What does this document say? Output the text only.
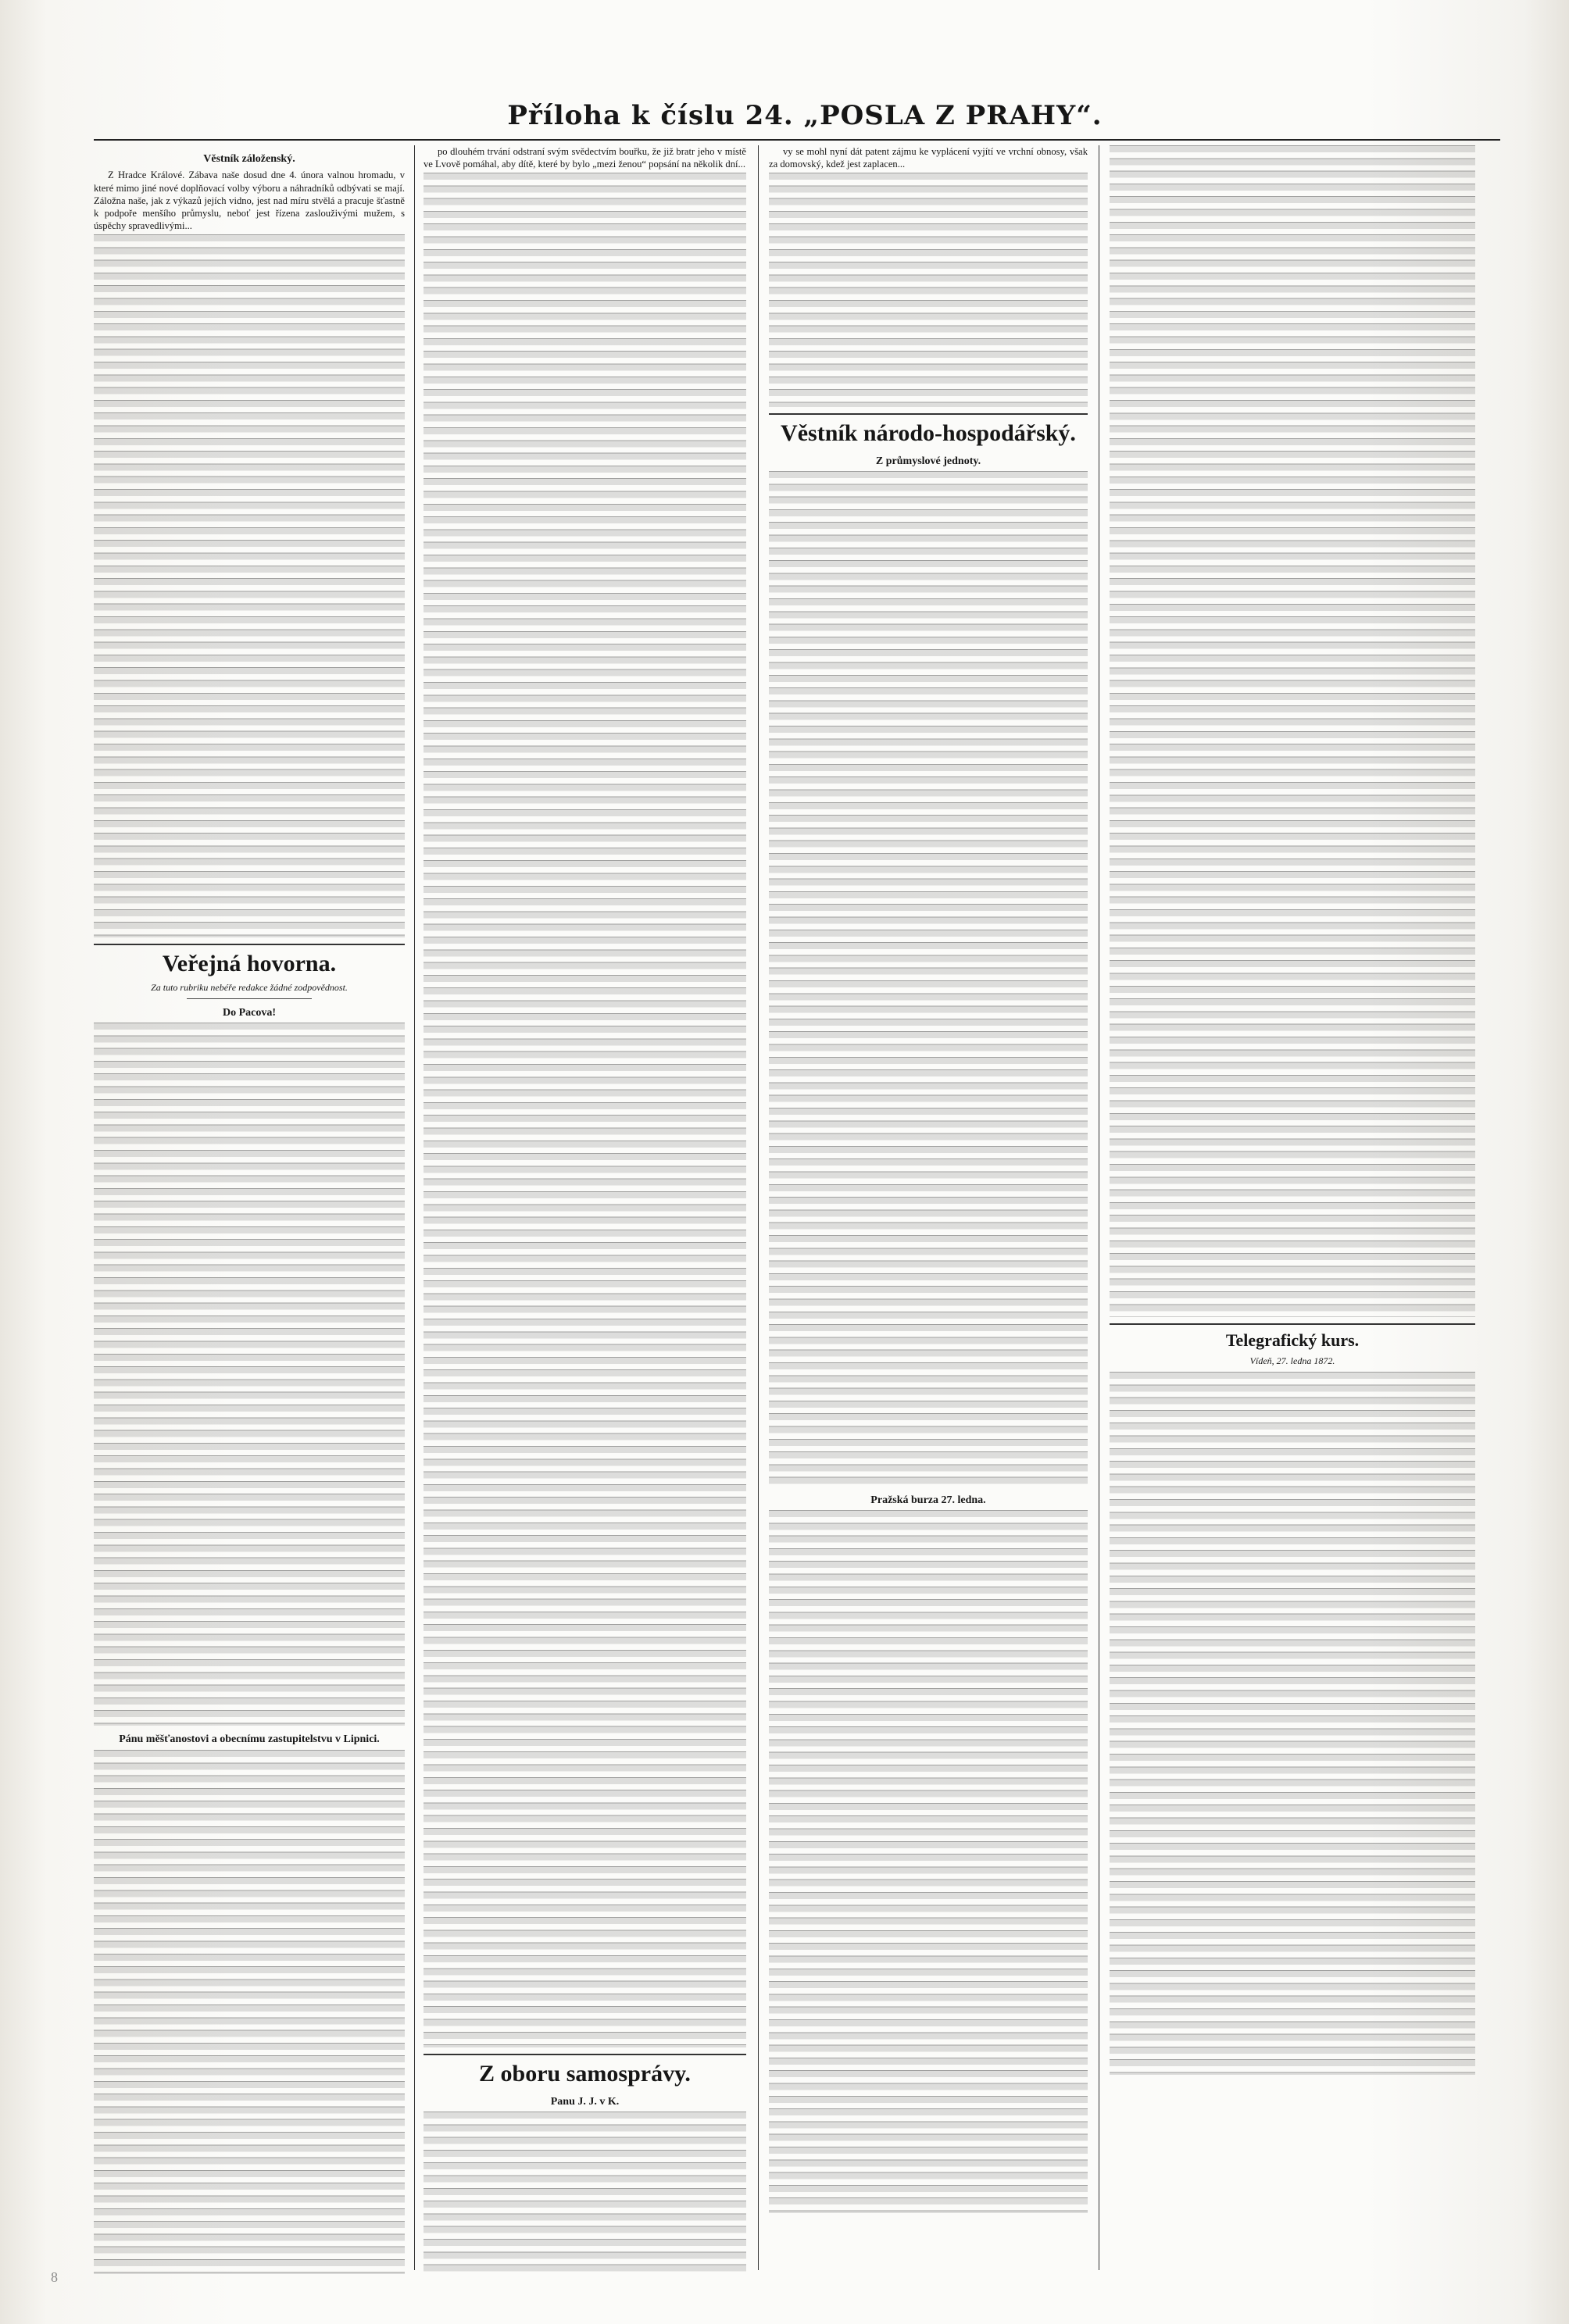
Příloha k číslu 24. „POSLA Z PRAHY“.
Věstník záloženský.
Z Hradce Králové. Zábava naše dosud dne 4. února valnou hromadu, v které mimo jiné nové doplňovací volby výboru a náhradníků odbývati se mají. Záložna naše, jak z výkazů jejích vidno, jest nad míru stvělá a pracuje šťastně k podpoře menšího průmyslu, neboť jest řízena zaslouživými mužem, s úspěchy spravedlivými...
Veřejná hovorna.
Za tuto rubriku nebéře redakce žádné zodpovědnost.
Do Pacova!
Pánu měšťanostovi a obecnímu zastupitelstvu v Lipnici.
po dlouhém trvání odstraní svým svědectvím bouřku, že již bratr jeho v místě ve Lvově pomáhal, aby dítě, které by bylo „mezi ženou“ popsání na několik dní...
Z oboru samosprávy.
Panu J. J. v K.
vy se mohl nyní dát patent zájmu ke vyplácení vyjítí ve vrchní obnosy, však za domovský, kdež jest zaplacen...
Věstník národo-hospodářský.
Z průmyslové jednoty.
Pražská burza 27. ledna.
Telegrafický kurs.
Vídeň, 27. ledna 1872.
8
